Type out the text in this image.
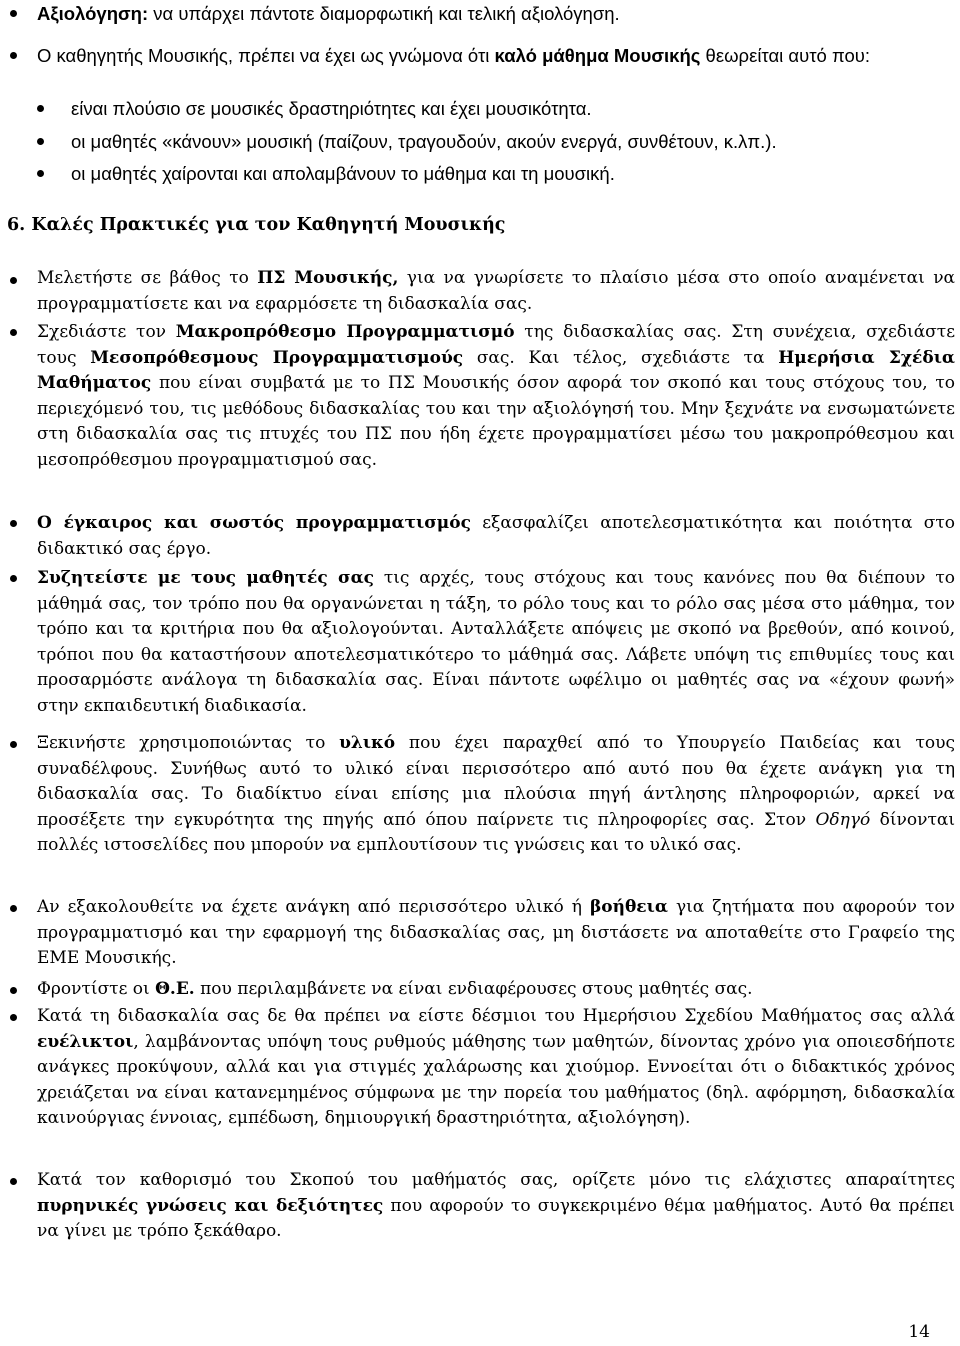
Αξιολόγηση: να υπάρχει πάντοτε διαμορφωτική και τελική αξιολόγηση.
Ο καθηγητής Μουσικής, πρέπει να έχει ως γνώμονα ότι καλό μάθημα Μουσικής θεωρείται αυτό που:
είναι πλούσιο σε μουσικές δραστηριότητες και έχει μουσικότητα.
οι μαθητές «κάνουν» μουσική (παίζουν, τραγουδούν, ακούν ενεργά, συνθέτουν, κ.λπ.).
οι μαθητές χαίρονται και απολαμβάνουν το μάθημα και τη μουσική.
6. Καλές Πρακτικές για τον Καθηγητή Μουσικής
Μελετήστε σε βάθος το ΠΣ Μουσικής, για να γνωρίσετε το πλαίσιο μέσα στο οποίο αναμένεται να προγραμματίσετε και να εφαρμόσετε τη διδασκαλία σας.
Σχεδιάστε τον Μακροπρόθεσμο Προγραμματισμό της διδασκαλίας σας. Στη συνέχεια, σχεδιάστε τους Μεσοπρόθεσμους Προγραμματισμούς σας. Και τέλος, σχεδιάστε τα Ημερήσια Σχέδια Μαθήματος που είναι συμβατά με το ΠΣ Μουσικής όσον αφορά τον σκοπό και τους στόχους του, το περιεχόμενό του, τις μεθόδους διδασκαλίας του και την αξιολόγησή του. Μην ξεχνάτε να ενσωματώνετε στη διδασκαλία σας τις πτυχές του ΠΣ που ήδη έχετε προγραμματίσει μέσω του μακροπρόθεσμου και μεσοπρόθεσμου προγραμματισμού σας.
Ο έγκαιρος και σωστός προγραμματισμός εξασφαλίζει αποτελεσματικότητα και ποιότητα στο διδακτικό σας έργο.
Συζητείστε με τους μαθητές σας τις αρχές, τους στόχους και τους κανόνες που θα διέπουν το μάθημά σας, τον τρόπο που θα οργανώνεται η τάξη, το ρόλο τους και το ρόλο σας μέσα στο μάθημα, τον τρόπο και τα κριτήρια που θα αξιολογούνται. Ανταλλάξετε απόψεις με σκοπό να βρεθούν, από κοινού, τρόποι που θα καταστήσουν αποτελεσματικότερο το μάθημά σας. Λάβετε υπόψη τις επιθυμίες τους και προσαρμόστε ανάλογα τη διδασκαλία σας. Είναι πάντοτε ωφέλιμο οι μαθητές σας να «έχουν φωνή» στην εκπαιδευτική διαδικασία.
Ξεκινήστε χρησιμοποιώντας το υλικό που έχει παραχθεί από το Υπουργείο Παιδείας και τους συναδέλφους. Συνήθως αυτό το υλικό είναι περισσότερο από αυτό που θα έχετε ανάγκη για τη διδασκαλία σας. Το διαδίκτυο είναι επίσης μια πλούσια πηγή άντλησης πληροφοριών, αρκεί να προσέξετε την εγκυρότητα της πηγής από όπου παίρνετε τις πληροφορίες σας. Στον Οδηγό δίνονται πολλές ιστοσελίδες που μπορούν να εμπλουτίσουν τις γνώσεις και το υλικό σας.
Αν εξακολουθείτε να έχετε ανάγκη από περισσότερο υλικό ή βοήθεια για ζητήματα που αφορούν τον προγραμματισμό και την εφαρμογή της διδασκαλίας σας, μη διστάσετε να αποταθείτε στο Γραφείο της ΕΜΕ Μουσικής.
Φροντίστε οι Θ.Ε. που περιλαμβάνετε να είναι ενδιαφέρουσες στους μαθητές σας.
Κατά τη διδασκαλία σας δε θα πρέπει να είστε δέσμιοι του Ημερήσιου Σχεδίου Μαθήματος σας αλλά ευέλικτοι, λαμβάνοντας υπόψη τους ρυθμούς μάθησης των μαθητών, δίνοντας χρόνο για οποιεσδήποτε ανάγκες προκύψουν, αλλά και για στιγμές χαλάρωσης και χιούμορ. Εννοείται ότι ο διδακτικός χρόνος χρειάζεται να είναι κατανεμημένος σύμφωνα με την πορεία του μαθήματος (δηλ. αφόρμηση, διδασκαλία καινούργιας έννοιας, εμπέδωση, δημιουργική δραστηριότητα, αξιολόγηση).
Κατά τον καθορισμό του Σκοπού του μαθήματός σας, ορίζετε μόνο τις ελάχιστες απαραίτητες πυρηνικές γνώσεις και δεξιότητες που αφορούν το συγκεκριμένο θέμα μαθήματος. Αυτό θα πρέπει να γίνει με τρόπο ξεκάθαρο.
14
